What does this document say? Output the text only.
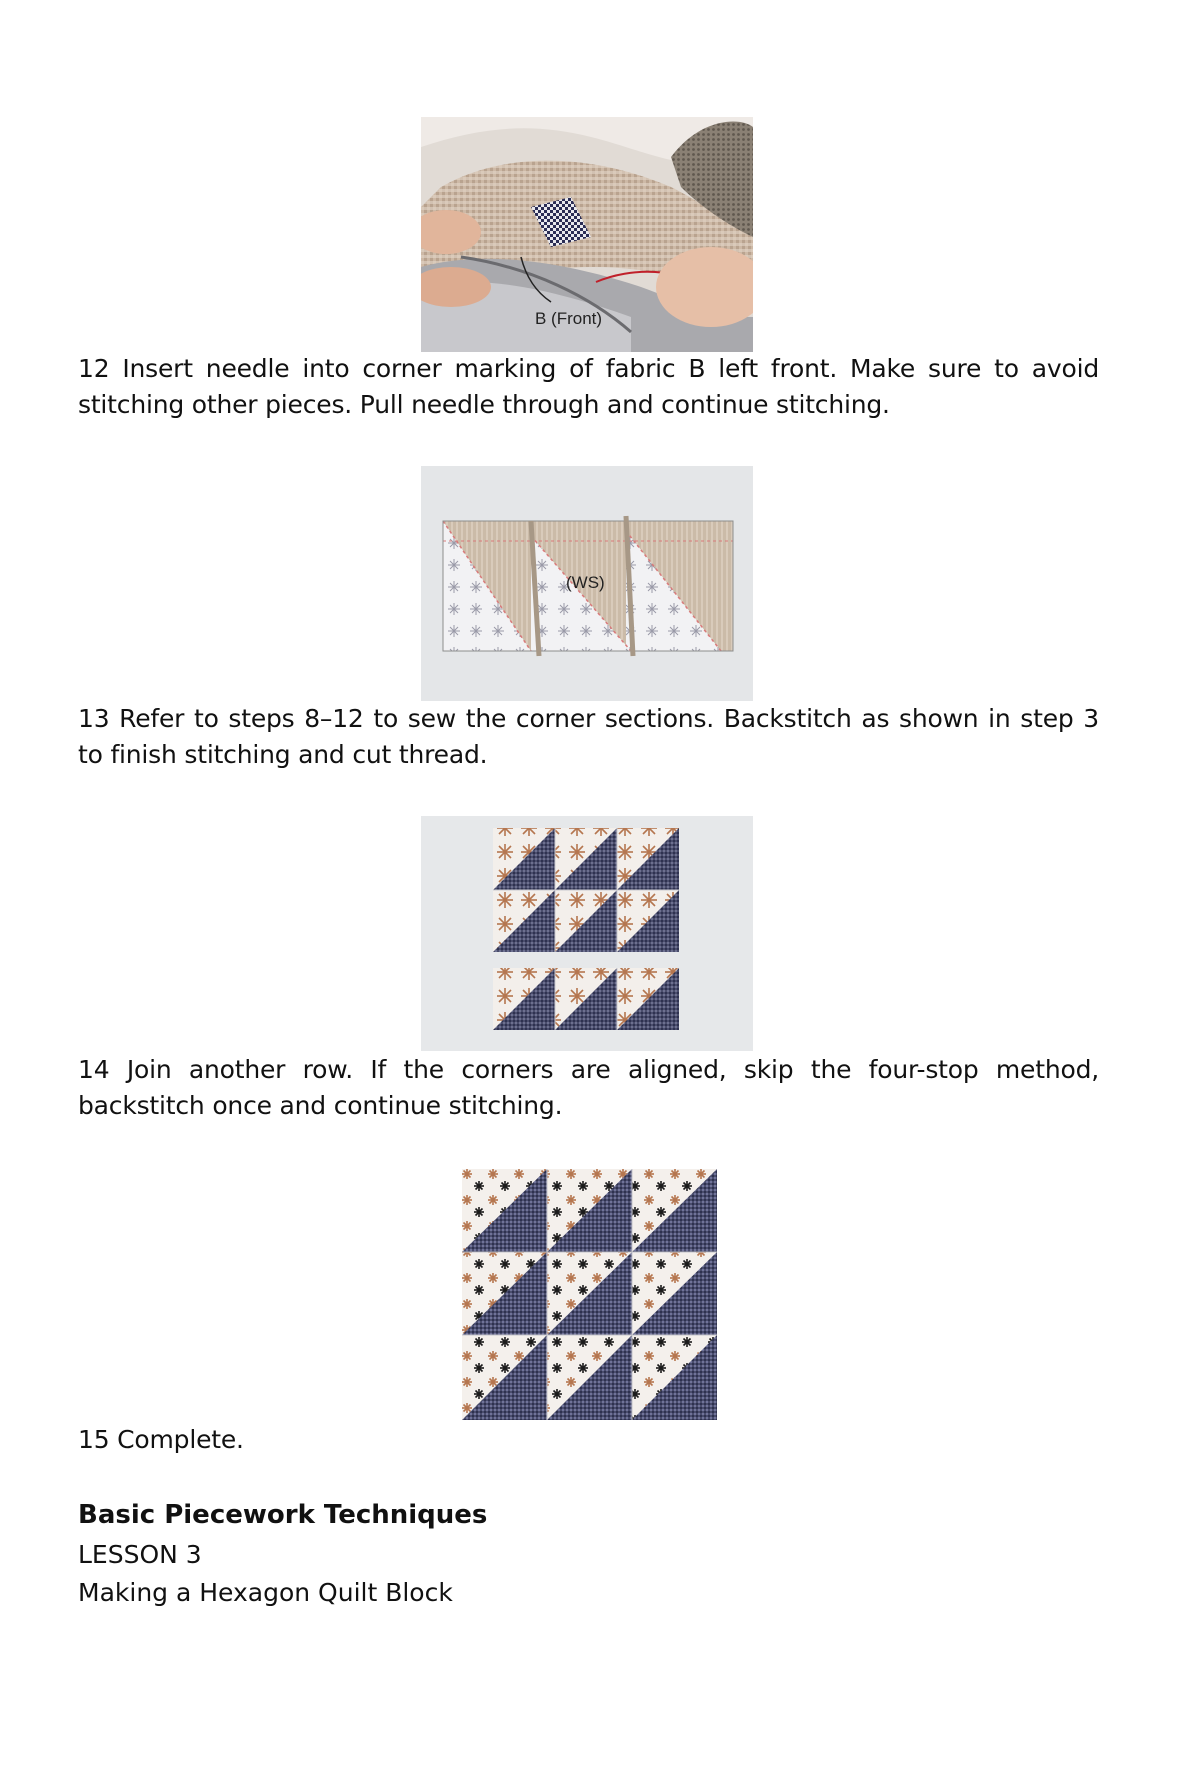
B (Front)
12 Insert needle into corner marking of fabric B left front. Make sure to avoid stitching other pieces. Pull needle through and continue stitching.
(WS)
13 Refer to steps 8–12 to sew the corner sections. Backstitch as shown in step 3 to finish stitching and cut thread.
14 Join another row. If the corners are aligned, skip the four-stop method, backstitch once and continue stitching.
15 Complete.
Basic Piecework Techniques
LESSON 3
Making a Hexagon Quilt Block
